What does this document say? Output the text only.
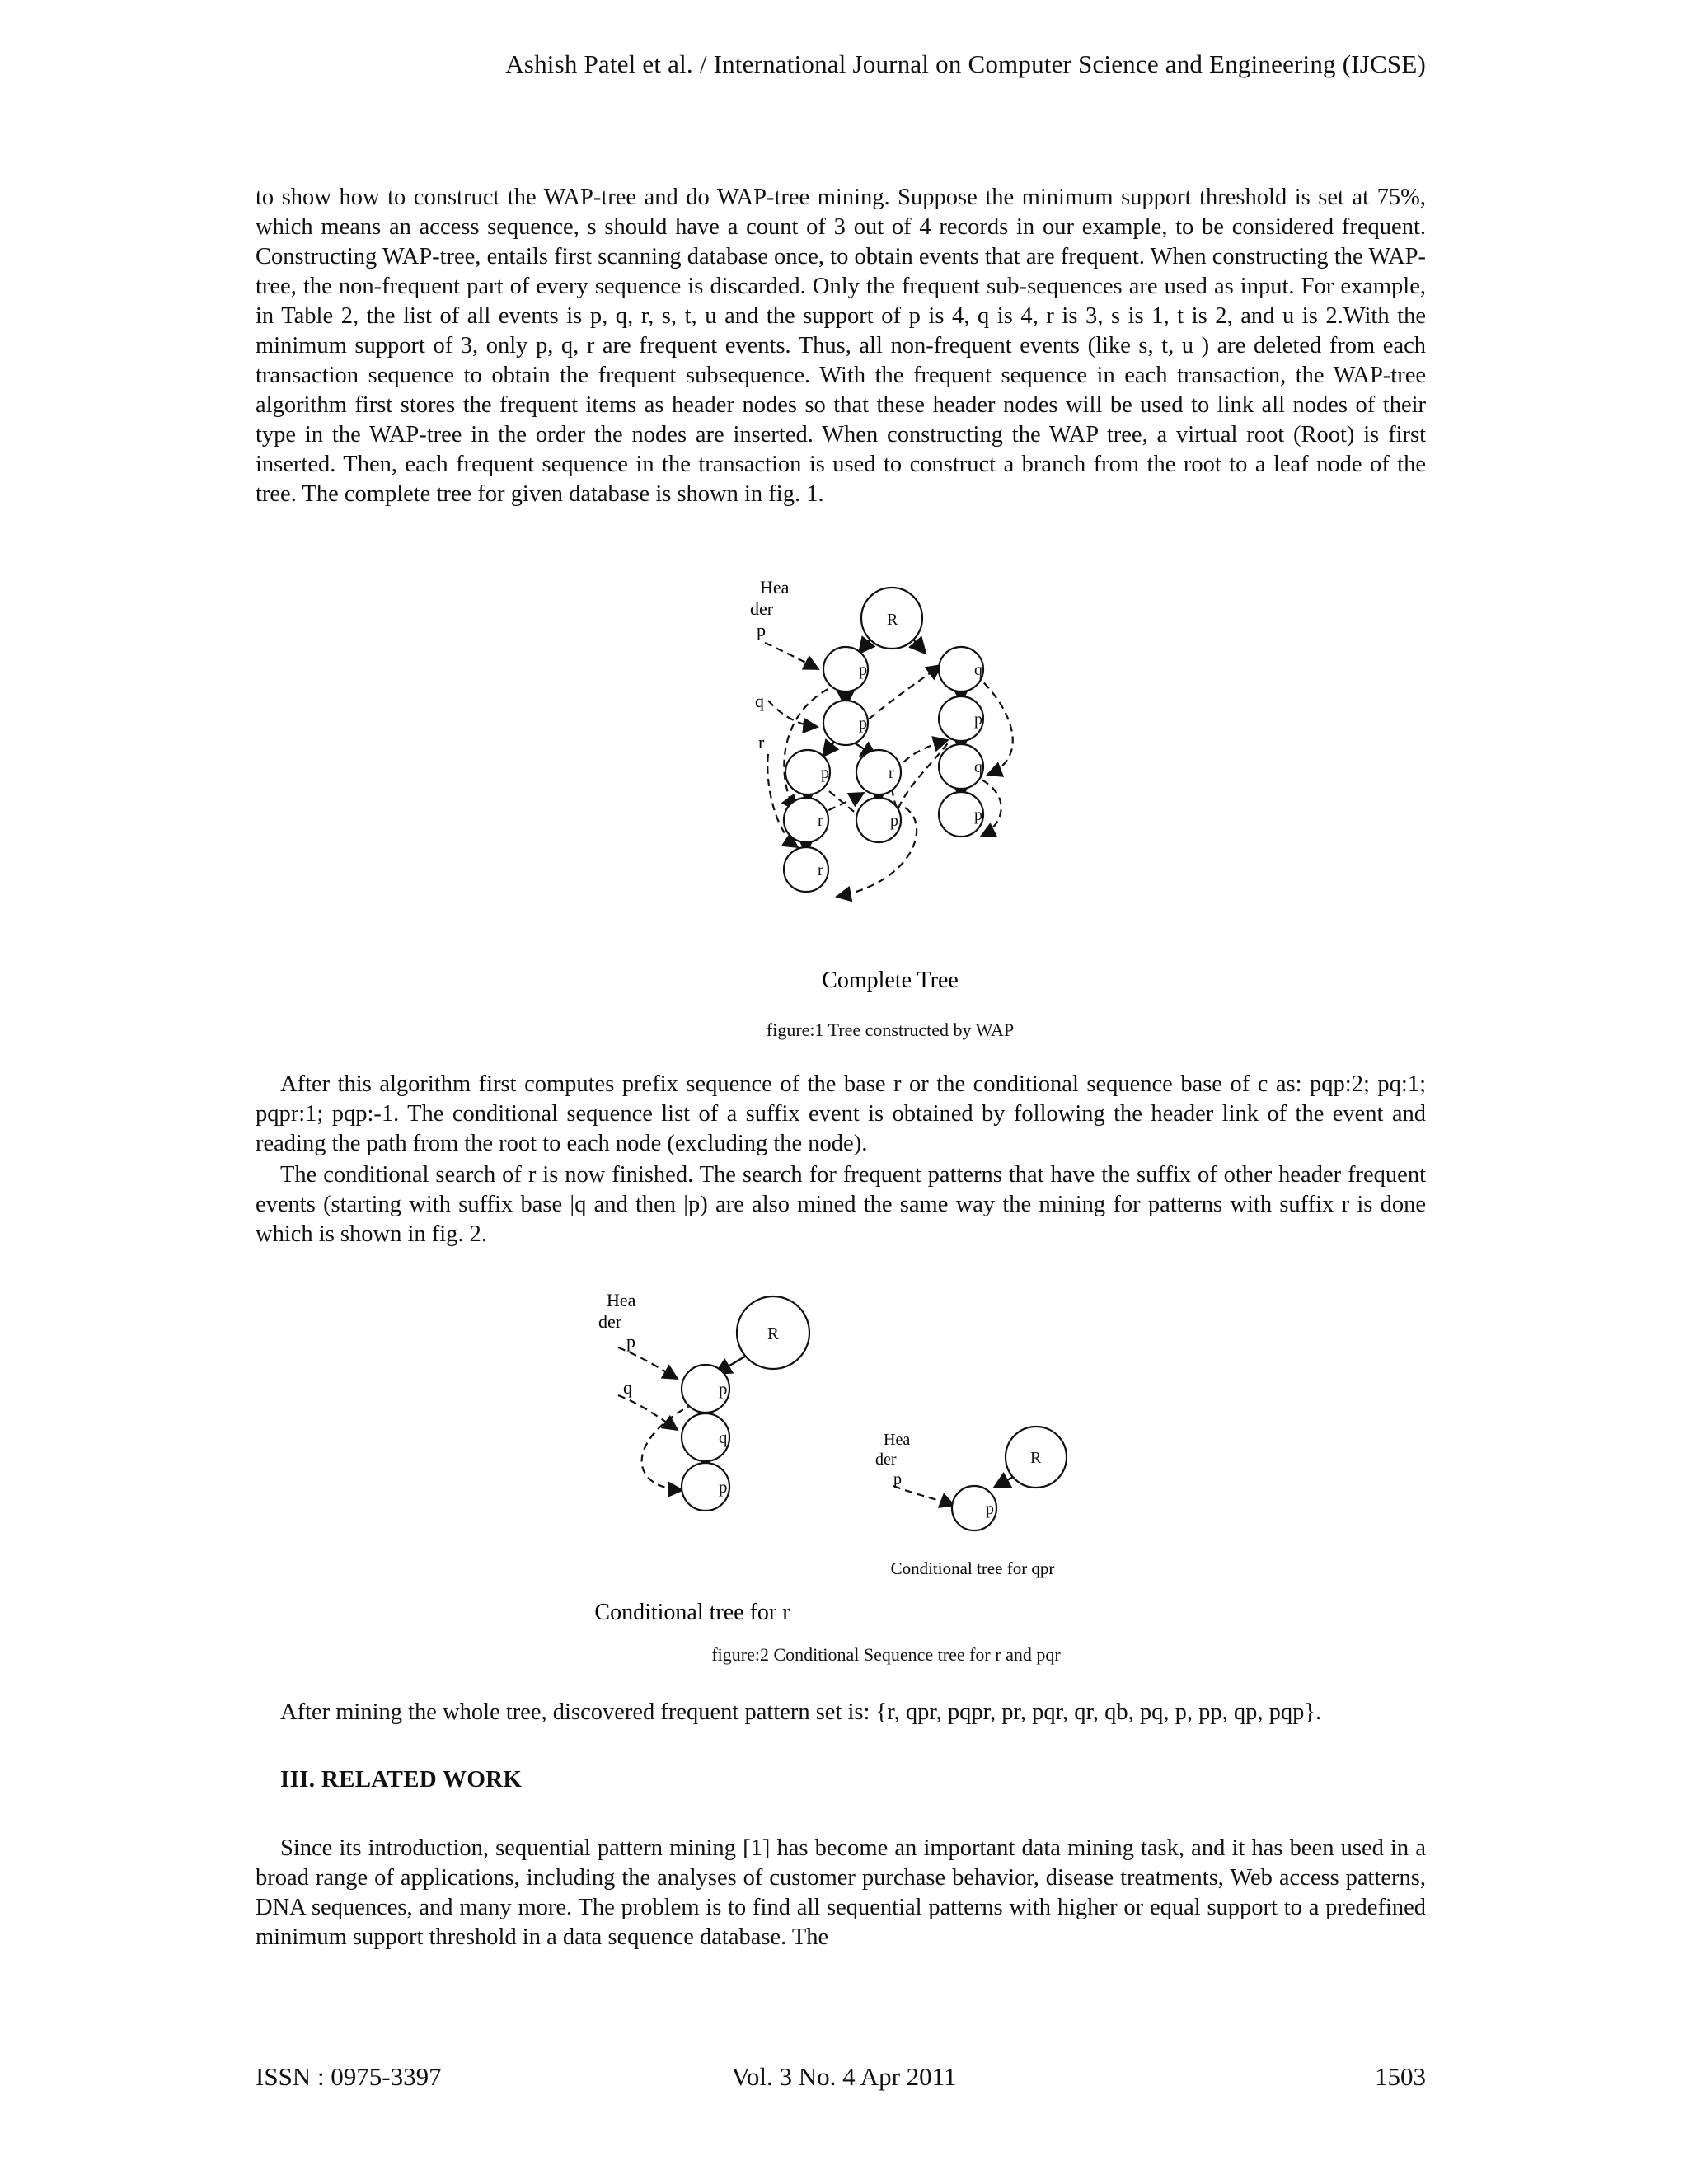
Ashish Patel et al. / International Journal on Computer Science and Engineering (IJCSE)

to show how to construct the WAP-tree and do WAP-tree mining. Suppose the minimum support threshold is set at 75%, which means an access sequence, s should have a count of 3 out of 4 records in our example, to be considered frequent. Constructing WAP-tree, entails first scanning database once, to obtain events that are frequent. When constructing the WAP-tree, the non-frequent part of every sequence is discarded. Only the frequent sub-sequences are used as input. For example, in Table 2, the list of all events is p, q, r, s, t, u and the support of p is 4, q is 4, r is 3, s is 1, t is 2, and u is 2.With the minimum support of 3, only p, q, r are frequent events. Thus, all non-frequent events (like s, t, u ) are deleted from each transaction sequence to obtain the frequent subsequence. With the frequent sequence in each transaction, the WAP-tree algorithm first stores the frequent items as header nodes so that these header nodes will be used to link all nodes of their type in the WAP-tree in the order the nodes are inserted. When constructing the WAP tree, a virtual root (Root) is first inserted. Then, each frequent sequence in the transaction is used to construct a branch from the root to a leaf node of the tree. The complete tree for given database is shown in fig. 1.

Hea
der
p
q
r
R
p	q
p	p
p	r	q
r	p	p
r
Complete Tree
figure:1 Tree constructed by WAP

After this algorithm first computes prefix sequence of the base r or the conditional sequence base of c as: pqp:2; pq:1; pqpr:1; pqp:-1. The conditional sequence list of a suffix event is obtained by following the header link of the event and reading the path from the root to each node (excluding the node).

The conditional search of r is now finished. The search for frequent patterns that have the suffix of other header frequent events (starting with suffix base |q and then |p) are also mined the same way the mining for patterns with suffix r is done which is shown in fig. 2.

Hea
der
p
q
R
p
q
p
Conditional tree for r
Hea
der
p
R
p
Conditional tree for qpr
figure:2 Conditional Sequence tree for r and pqr

After mining the whole tree, discovered frequent pattern set is: {r, qpr, pqpr, pr, pqr, qr, qb, pq, p, pp, qp, pqp}.

III. RELATED WORK

Since its introduction, sequential pattern mining [1] has become an important data mining task, and it has been used in a broad range of applications, including the analyses of customer purchase behavior, disease treatments, Web access patterns, DNA sequences, and many more. The problem is to find all sequential patterns with higher or equal support to a predefined minimum support threshold in a data sequence database. The

ISSN : 0975-3397	Vol. 3 No. 4 Apr 2011	1503
